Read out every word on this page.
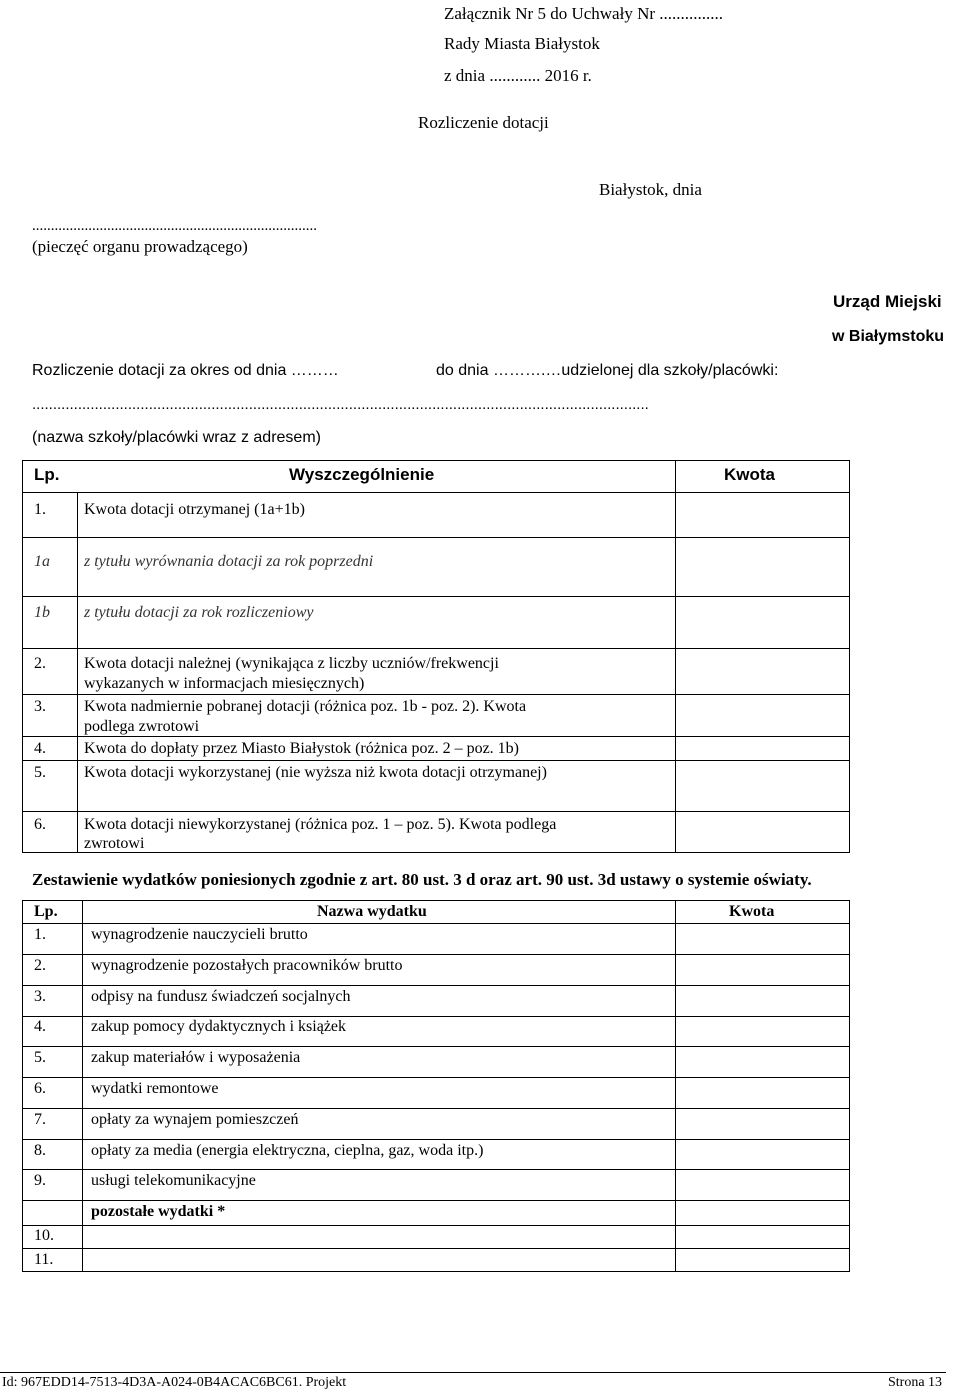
Załącznik Nr 5 do Uchwały Nr ...............
Rady Miasta Białystok
z dnia ............ 2016 r.
Rozliczenie dotacji
Białystok, dnia
............................................................................
(pieczęć organu prowadzącego)
Urząd Miejski
w Białymstoku
Rozliczenie dotacji za okres od dnia ………	do dnia ……….…udzielonej dla szkoły/placówki:
....................................................................................................................................................
(nazwa szkoły/placówki wraz z adresem)
Lp.	Wyszczególnienie	Kwota
1. Kwota dotacji otrzymanej (1a+1b)
1a z tytułu wyrównania dotacji za rok poprzedni
1b z tytułu dotacji za rok rozliczeniowy
2. Kwota dotacji należnej (wynikająca z liczby uczniów/frekwencji
wykazanych w informacjach miesięcznych)
3. Kwota nadmiernie pobranej dotacji (różnica poz. 1b - poz. 2). Kwota
podlega zwrotowi
4. Kwota do dopłaty przez Miasto Białystok (różnica poz. 2 – poz. 1b)
5. Kwota dotacji wykorzystanej (nie wyższa niż kwota dotacji otrzymanej)
6. Kwota dotacji niewykorzystanej (różnica poz. 1 – poz. 5). Kwota podlega
zwrotowi
Zestawienie wydatków poniesionych zgodnie z art. 80 ust. 3 d oraz art. 90 ust. 3d ustawy o systemie oświaty.
Lp.	Nazwa wydatku	Kwota
1.	wynagrodzenie nauczycieli brutto
2.	wynagrodzenie pozostałych pracowników brutto
3.	odpisy na fundusz świadczeń socjalnych
4.	zakup pomocy dydaktycznych i książek
5.	zakup materiałów i wyposażenia
6.	wydatki remontowe
7.	opłaty za wynajem pomieszczeń
8.	opłaty za media (energia elektryczna, cieplna, gaz, woda itp.)
9.	usługi telekomunikacyjne
pozostałe wydatki *
10.
11.
Id: 967EDD14-7513-4D3A-A024-0B4ACAC6BC61. Projekt	Strona 13
